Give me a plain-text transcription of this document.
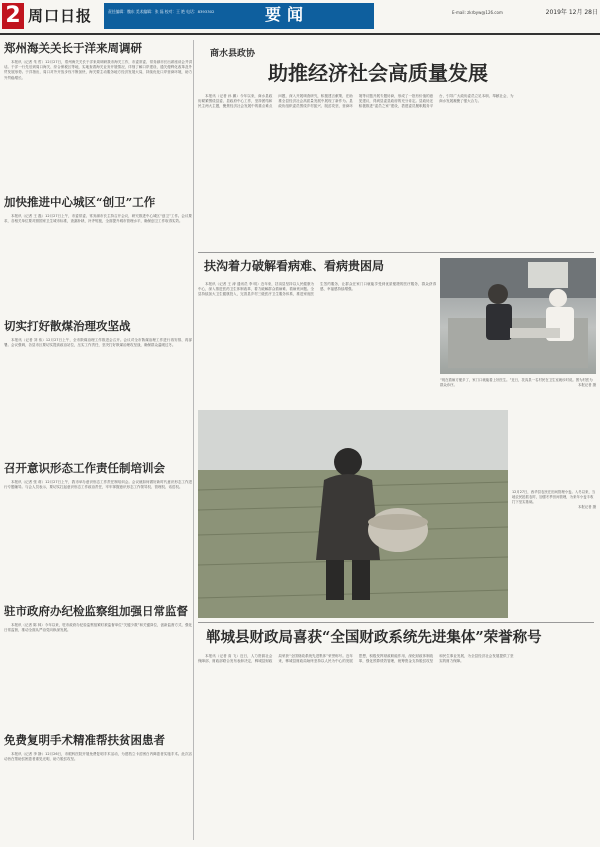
2 周口日报	责任编辑：魏东 美术编辑：张 磊 校对：王 艳 电话：8393302	要闻	E-mail: zkrbyw@126.com	2019年 12月 28日
郑州海关关长于洋来周调研

本报讯（记者 朱 哲）12月27日，郑州海关关长于洋来周调研我市海关工作，市委常委、常务副市长出席座谈会并讲话。于洋一行先后到周口海关、综合保税区等地，实地查看海关业务开展情况，详细了解口岸建设、通关便利化改革及外贸发展形势。于洋指出，周口对外开放步伐不断加快，海关要主动服务地方经济发展大局，持续优化口岸营商环境，助力外贸稳增长。

加快推进中心城区“创卫”工作

本报讯（记者 王 磊）12月27日上午，市委常委、常务副市长主持召开会议，研究推进中心城区“创卫”工作。会议要求，各相关单位要对照国家卫生城市标准，查漏补缺、补齐短板，全面提升城市管理水平，确保创卫工作取得实效。

切实打好散煤治理攻坚战

本报讯（记者 刘 伟）12月27日上午，全市散煤治理工作推进会召开。会议对全市散煤治理工作进行再安排、再部署。会议强调，各县市区要切实提高政治站位，压实工作责任，坚决打好散煤治理攻坚战，确保群众温暖过冬。

召开意识形态工作责任制培训会

本报讯（记者 张 莉）12月27日上午，我市举办意识形态工作责任制培训会。会议就如何做好新时代意识形态工作进行专题辅导。与会人员表示，要切实扛起意识形态工作政治责任，牢牢掌握意识形态工作领导权、管理权、话语权。

驻市政府办纪检监察组加强日常监督

本报讯（记者 陈 林）今年以来，驻市政府办纪检监察组紧盯被监督单位“关键少数”和关键岗位，创新监督方式，强化日常监督，推动全面从严治党向纵深发展。

免费复明手术精准帮扶贫困患者

本报讯（记者 李 静）12月26日，市眼科医院开展免费复明手术活动，为建档立卡贫困白内障患者实施手术。此次活动旨在帮助贫困患者重见光明，助力脱贫攻坚。

商水县政协
助推经济社会高质量发展

本报讯（记者 孙 鹏）今年以来，商水县政协紧紧围绕县委、县政府中心工作，坚持团结和民主两大主题，聚焦经济社会发展中的重点难点问题，深入开展调查研究，积极建言献策，在助推全县经济社会高质量发展中展现了新作为。县政协组织委员围绕乡村振兴、脱贫攻坚、营商环境等议题开展专题协商，形成了一批有价值的意见建议，得到县委县政府的充分肯定。县政协还积极推进“委员之家”建设，搭建委员履职服务平台，引导广大政协委员立足本职、奉献社会，为商水发展凝聚了强大合力。

扶沟着力破解看病难、看病贵困局

本报讯（记者 王 涛 通讯员 李 明）近年来，扶沟县坚持以人民健康为中心，深入推进医药卫生体制改革，着力破解群众看病难、看病贵问题。全县持续加大卫生健康投入，完善县乡村三级医疗卫生服务体系，推进家庭医生签约服务，让群众在家门口就能享受到优质便捷的医疗服务，群众获得感、幸福感持续增强。

“现在看病方便多了，家门口就能看上好医生。”近日，扶沟县一名村民在卫生室就诊时说。图为村医为群众诊疗。	本报记者 摄
12月27日，西华县农民在田间管理小麦。入冬以来，当地农民抢抓农时，加强冬季田间管理，为来年小麦丰收打下坚实基础。
本报记者 摄
郸城县财政局喜获“全国财政系统先进集体”荣誉称号

本报讯（记者 高 飞）近日，人力资源社会保障部、财政部联合发布表彰决定，郸城县财政局荣获“全国财政系统先进集体”荣誉称号。近年来，郸城县财政局始终坚持以人民为中心的发展思想，积极发挥财政职能作用，深化财政体制改革，强化预算绩效管理，统筹资金支持脱贫攻坚和民生事业发展，为全县经济社会发展提供了坚实的财力保障。
